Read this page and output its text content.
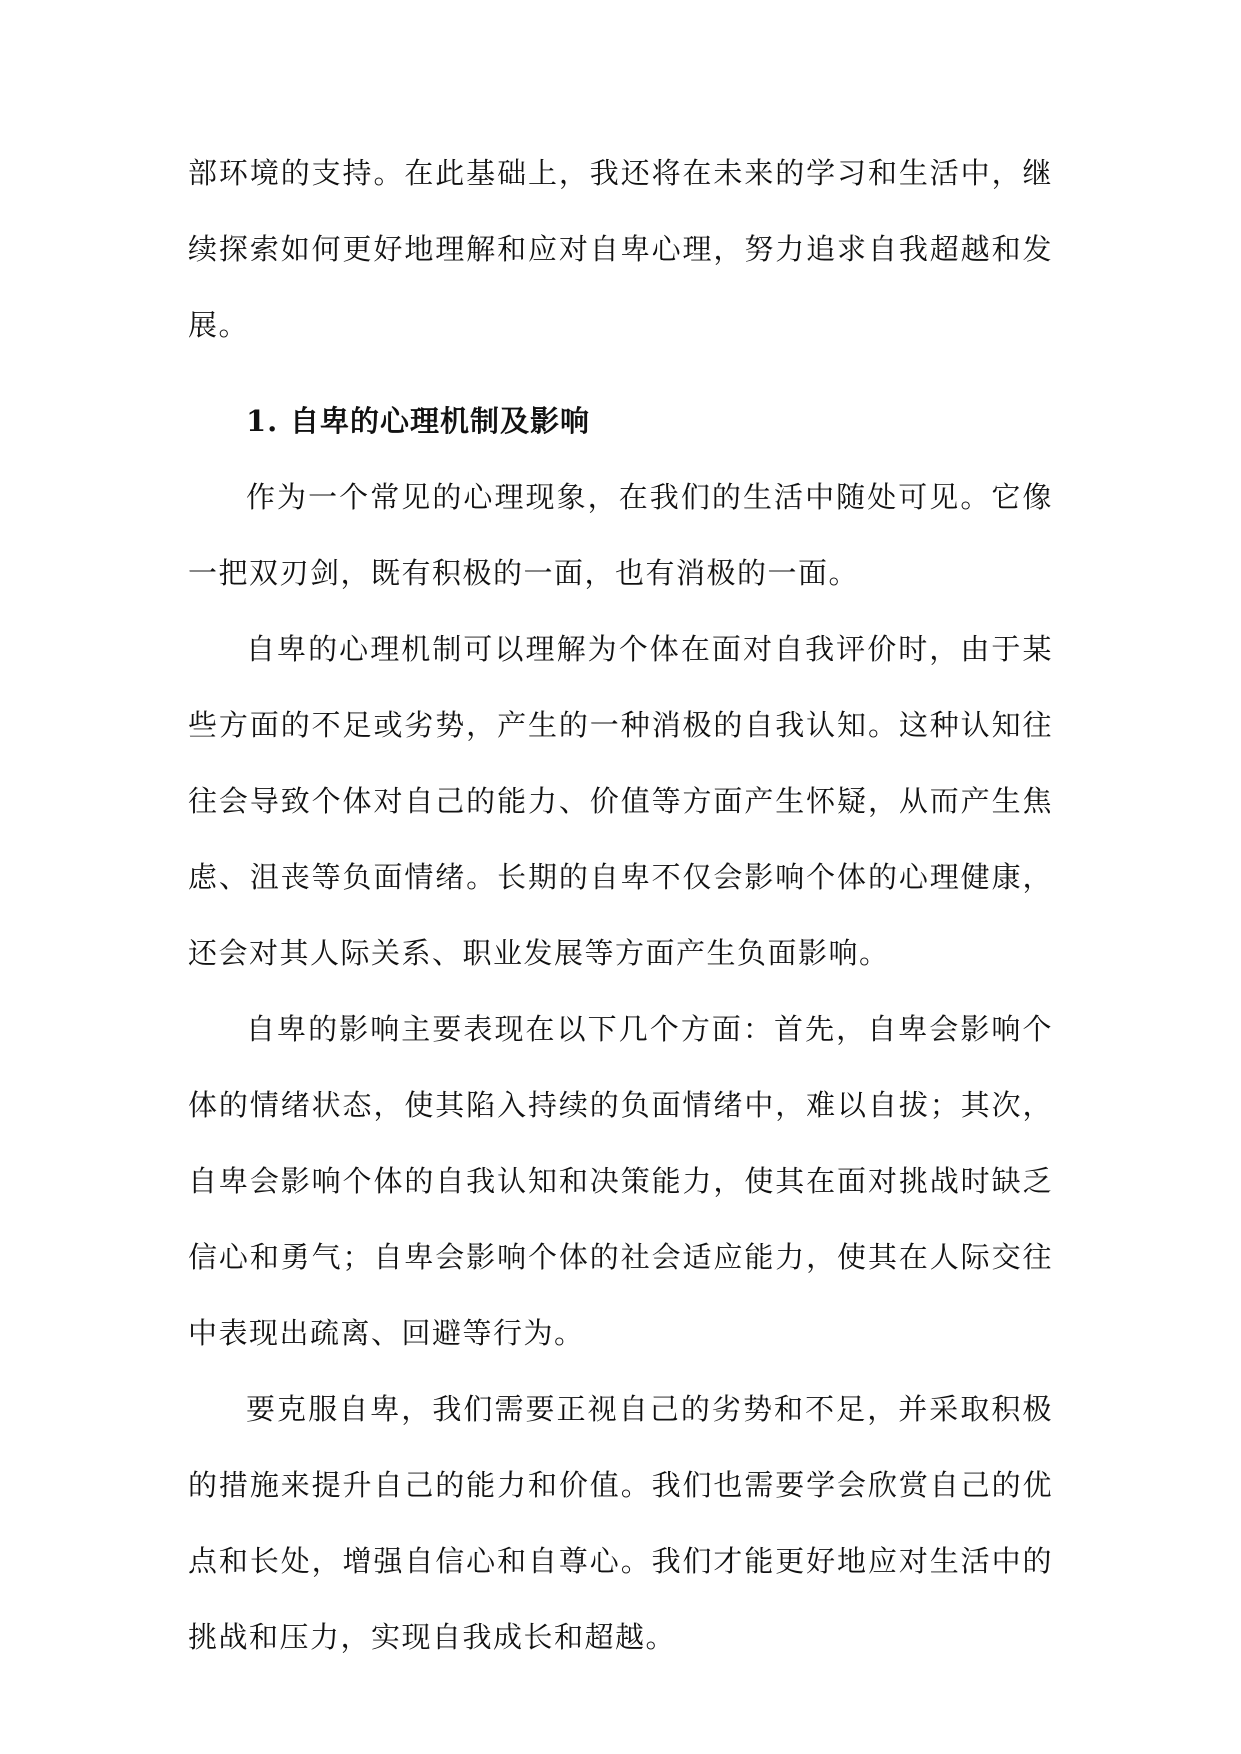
部环境的支持。在此基础上，我还将在未来的学习和生活中，继续探索如何更好地理解和应对自卑心理，努力追求自我超越和发展。

1. 自卑的心理机制及影响

作为一个常见的心理现象，在我们的生活中随处可见。它像一把双刃剑，既有积极的一面，也有消极的一面。

自卑的心理机制可以理解为个体在面对自我评价时，由于某些方面的不足或劣势，产生的一种消极的自我认知。这种认知往往会导致个体对自己的能力、价值等方面产生怀疑，从而产生焦虑、沮丧等负面情绪。长期的自卑不仅会影响个体的心理健康，还会对其人际关系、职业发展等方面产生负面影响。

自卑的影响主要表现在以下几个方面：首先，自卑会影响个体的情绪状态，使其陷入持续的负面情绪中，难以自拔；其次，自卑会影响个体的自我认知和决策能力，使其在面对挑战时缺乏信心和勇气；自卑会影响个体的社会适应能力，使其在人际交往中表现出疏离、回避等行为。

要克服自卑，我们需要正视自己的劣势和不足，并采取积极的措施来提升自己的能力和价值。我们也需要学会欣赏自己的优点和长处，增强自信心和自尊心。我们才能更好地应对生活中的挑战和压力，实现自我成长和超越。
